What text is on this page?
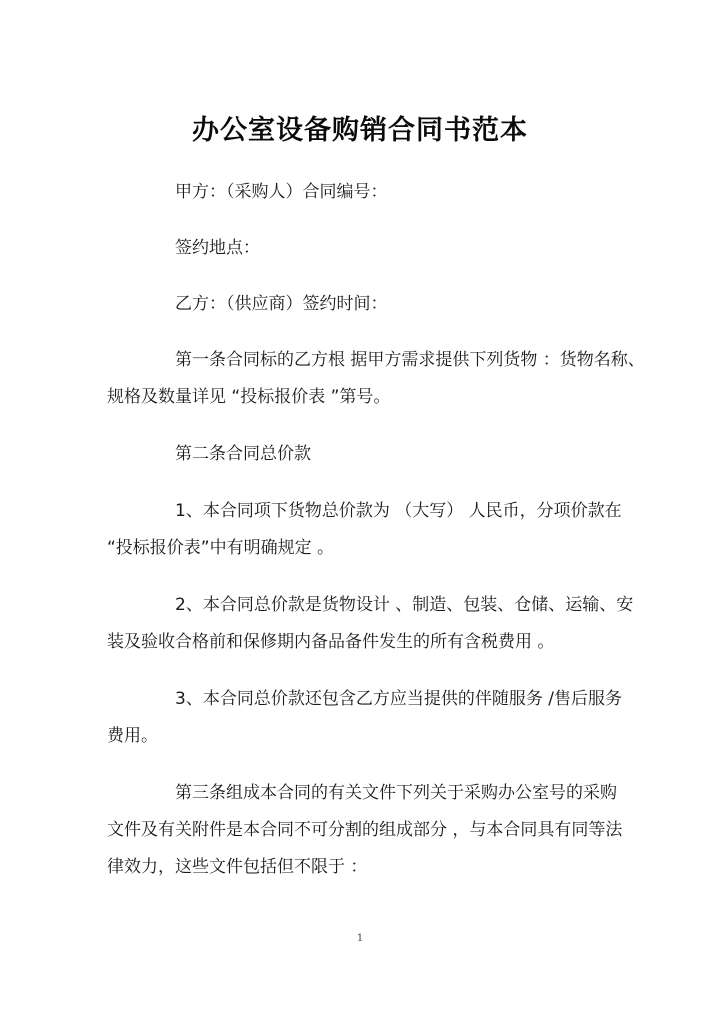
办公室设备购销合同书范本
甲方：（采购人）合同编号：
签约地点：
乙方：（供应商）签约时间：
第一条合同标的乙方根 据甲方需求提供下列货物 ：货物名称、
规格及数量详见 “投标报价表 ”第号。
第二条合同总价款
1、本合同项下货物总价款为 （大写） 人民币，分项价款在
“投标报价表”中有明确规定 。
2、本合同总价款是货物设计 、制造、包装、仓储、运输、安
装及验收合格前和保修期内备品备件发生的所有含税费用 。
3、本合同总价款还包含乙方应当提供的伴随服务 /售后服务
费用。
第三条组成本合同的有关文件下列关于采购办公室号的采购
文件及有关附件是本合同不可分割的组成部分 ，与本合同具有同等法
律效力，这些文件包括但不限于 ：
1
